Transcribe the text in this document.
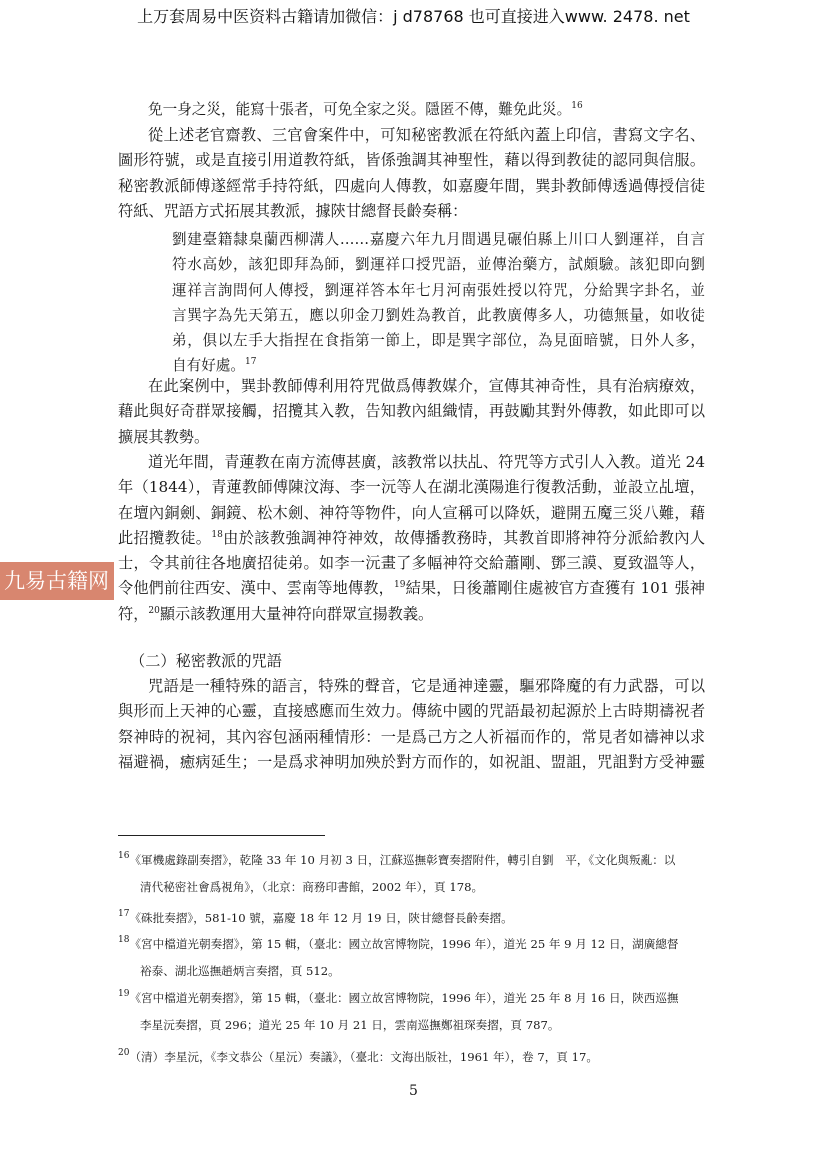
上万套周易中医资料古籍请加微信：j d78768 也可直接进入www. 2478. net
免一身之災，能寫十張者，可免全家之災。隱匿不傳，難免此災。$^{16}$
從上述老官齋教、三官會案件中，可知秘密教派在符紙內蓋上印信，書寫文字名、
圖形符號，或是直接引用道教符紙，皆係強調其神聖性，藉以得到教徒的認同與信服。
秘密教派師傅遂經常手持符紙，四處向人傳教，如嘉慶年間，巽卦教師傅透過傳授信徒
符紙、咒語方式拓展其教派，據陝甘總督長齡奏稱：
劉建臺籍隸臬蘭西柳溝人……嘉慶六年九月間遇見碾伯縣上川口人劉運祥，自言
符水高妙，該犯即拜為師，劉運祥口授咒語，並傳治藥方，試頗驗。該犯即向劉
運祥言詢問何人傳授，劉運祥答本年七月河南張姓授以符咒，分給巽字卦名，並
言巽字為先天第五，應以卯金刀劉姓為教首，此教廣傳多人，功德無量，如收徒
弟，俱以左手大指捏在食指第一節上，即是巽字部位，為見面暗號，日外人多，
自有好處。$^{17}$
在此案例中，巽卦教師傅利用符咒做爲傳教媒介，宣傳其神奇性，具有治病療效，
藉此與好奇群眾接觸，招攬其入教，告知教內組織情，再鼓勵其對外傳教，如此即可以
擴展其教勢。
道光年間，青蓮教在南方流傳甚廣，該教常以扶乩、符咒等方式引人入教。道光 24
年（1844），青蓮教師傅陳汶海、李一沅等人在湖北漢陽進行復教活動，並設立乩壇，
在壇內銅劍、銅鏡、松木劍、神符等物件，向人宣稱可以降妖，避開五魔三災八難，藉
此招攬教徒。$^{18}$由於該教強調神符神效，故傳播教務時，其教首即將神符分派給教內人
士，令其前往各地廣招徒弟。如李一沅畫了多幅神符交給蕭剛、鄧三謨、夏致溫等人，
令他們前往西安、漢中、雲南等地傳教，$^{19}$結果，日後蕭剛住處被官方查獲有 101 張神
符，$^{20}$顯示該教運用大量神符向群眾宣揚教義。
九易古籍网
（二）秘密教派的咒語
咒語是一種特殊的語言，特殊的聲音，它是通神達靈，驅邪降魔的有力武器，可以
與形而上天神的心靈，直接感應而生效力。傳統中國的咒語最初起源於上古時期禱祝者
祭神時的祝祠，其內容包涵兩種情形：一是爲己方之人祈福而作的，常見者如禱神以求
福避禍，癒病延生；一是爲求神明加殃於對方而作的，如祝詛、盟詛，咒詛對方受神靈
$^{16}$《軍機處錄副奏摺》，乾隆 33 年 10 月初 3 日，江蘇巡撫彰寶奏摺附件，轉引自劉　平，《文化與叛亂：以
清代秘密社會爲視角》，（北京：商務印書館，2002 年），頁 178。
$^{17}$《硃批奏摺》，581-10 號，嘉慶 18 年 12 月 19 日，陝甘總督長齡奏摺。
$^{18}$《宮中檔道光朝奏摺》，第 15 輯，（臺北：國立故宮博物院，1996 年），道光 25 年 9 月 12 日，湖廣總督
裕泰、湖北巡撫趙炳言奏摺，頁 512。
$^{19}$《宮中檔道光朝奏摺》，第 15 輯，（臺北：國立故宮博物院，1996 年），道光 25 年 8 月 16 日，陝西巡撫
李星沅奏摺，頁 296；道光 25 年 10 月 21 日，雲南巡撫鄭祖琛奏摺，頁 787。
$^{20}$（清）李星沅，《李文恭公（星沅）奏議》，（臺北：文海出版社，1961 年），卷 7，頁 17。
5
